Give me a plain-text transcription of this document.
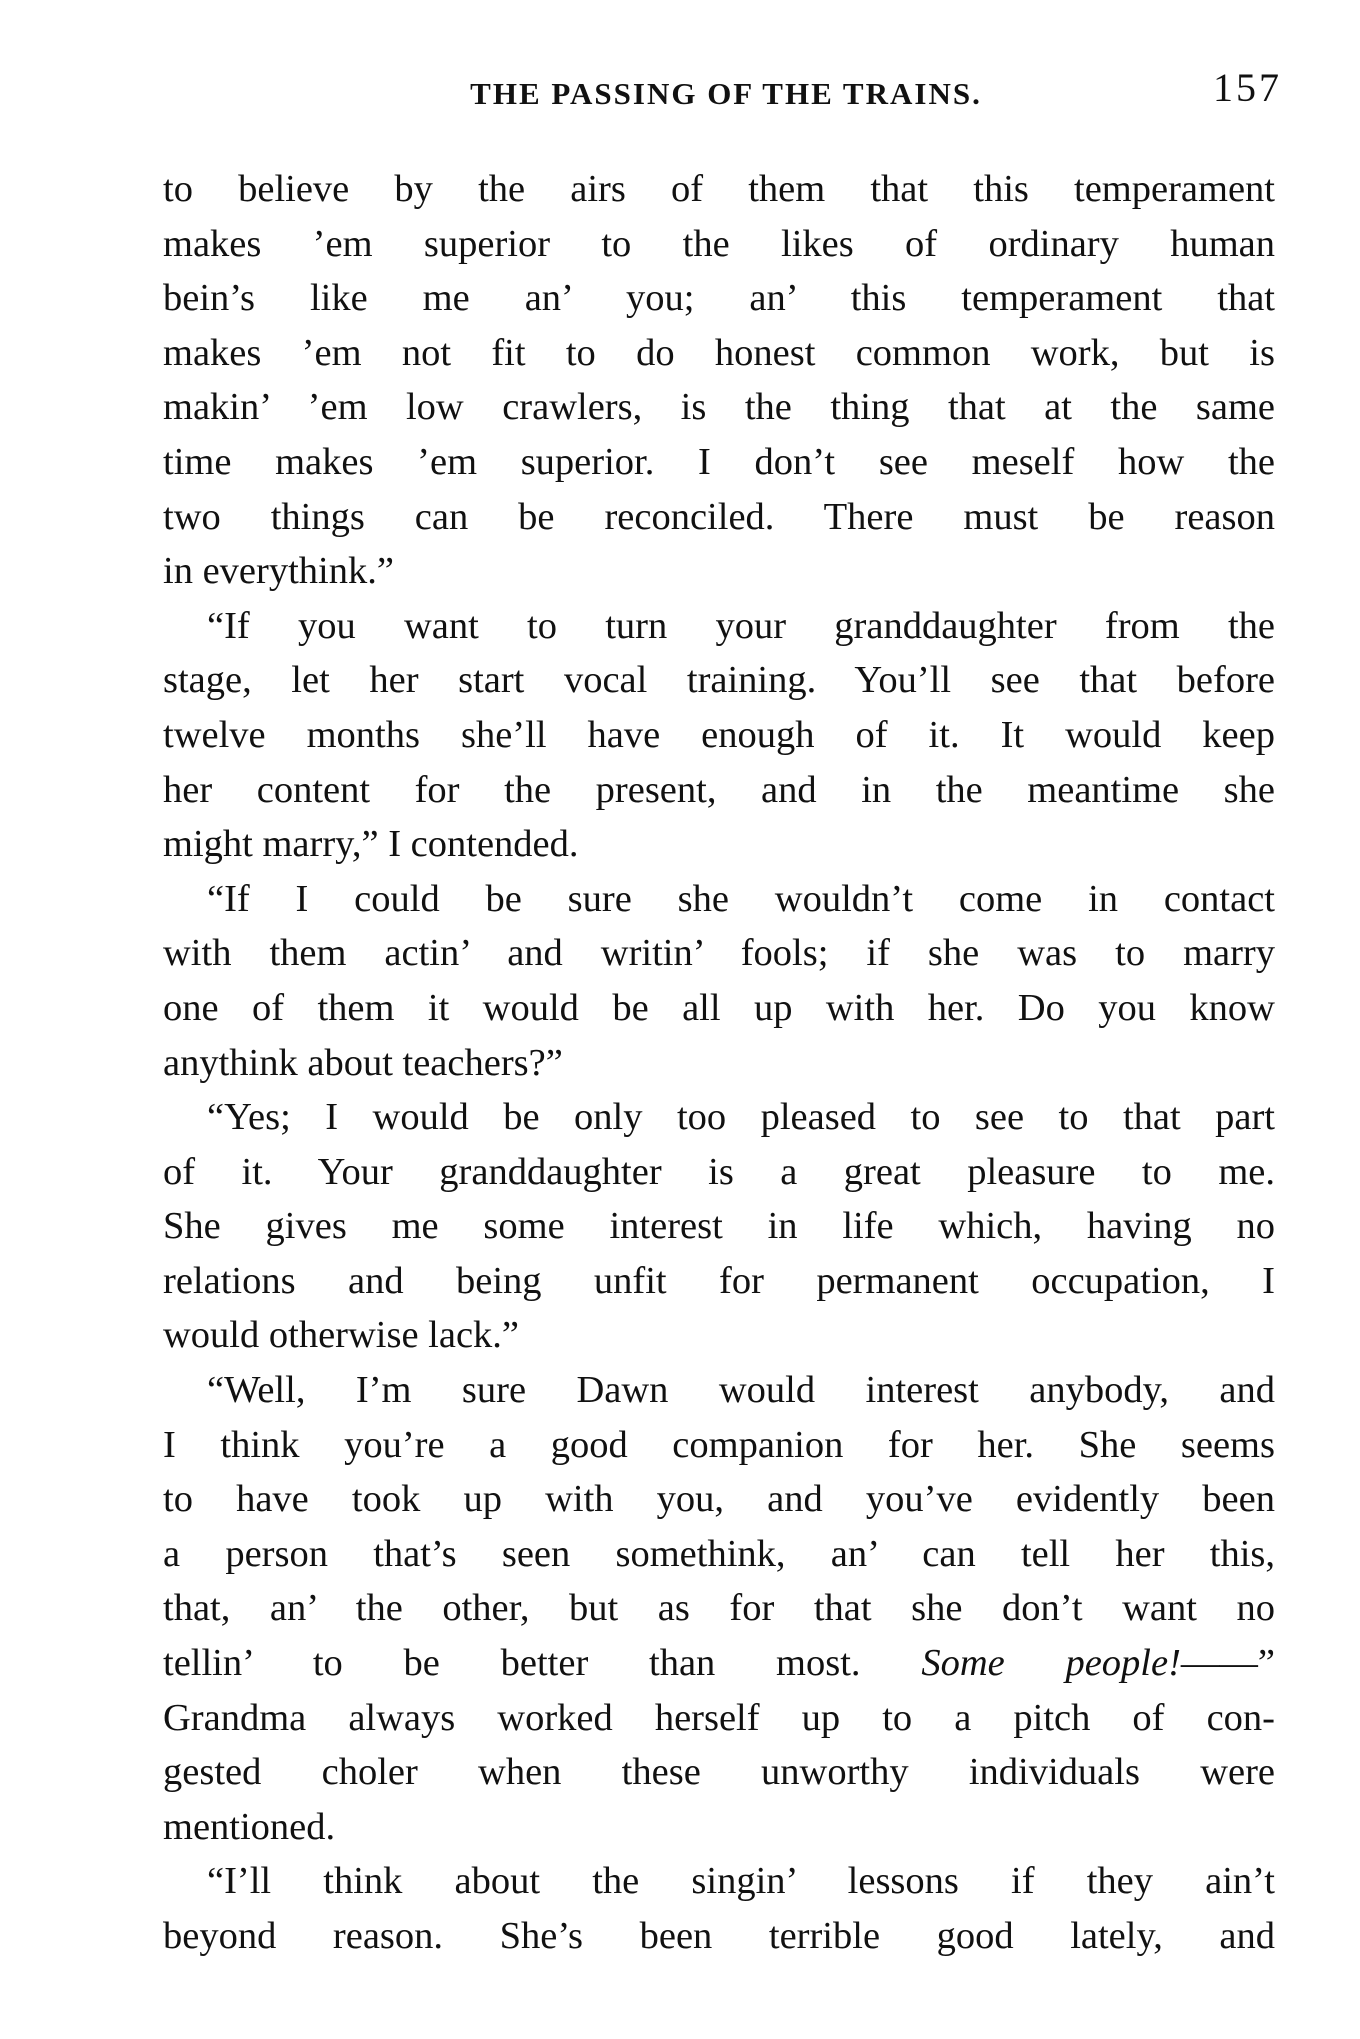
THE PASSING OF THE TRAINS.	157

to believe by the airs of them that this temperament
makes ’em superior to the likes of ordinary human
bein’s like me an’ you; an’ this temperament that
makes ’em not fit to do honest common work, but is
makin’ ’em low crawlers, is the thing that at the same
time makes ’em superior. I don’t see meself how the
two things can be reconciled. There must be reason
in everythink.”

“If you want to turn your granddaughter from the
stage, let her start vocal training. You’ll see that before
twelve months she’ll have enough of it. It would keep
her content for the present, and in the meantime she
might marry,” I contended.

“If I could be sure she wouldn’t come in contact
with them actin’ and writin’ fools; if she was to marry
one of them it would be all up with her. Do you know
anythink about teachers?”

“Yes; I would be only too pleased to see to that part
of it. Your granddaughter is a great pleasure to me.
She gives me some interest in life which, having no
relations and being unfit for permanent occupation, I
would otherwise lack.”

“Well, I’m sure Dawn would interest anybody, and
I think you’re a good companion for her. She seems
to have took up with you, and you’ve evidently been
a person that’s seen somethink, an’ can tell her this,
that, an’ the other, but as for that she don’t want no
tellin’ to be better than most. Some people!——”
Grandma always worked herself up to a pitch of con-
gested choler when these unworthy individuals were
mentioned.

“I’ll think about the singin’ lessons if they ain’t
beyond reason. She’s been terrible good lately, and
